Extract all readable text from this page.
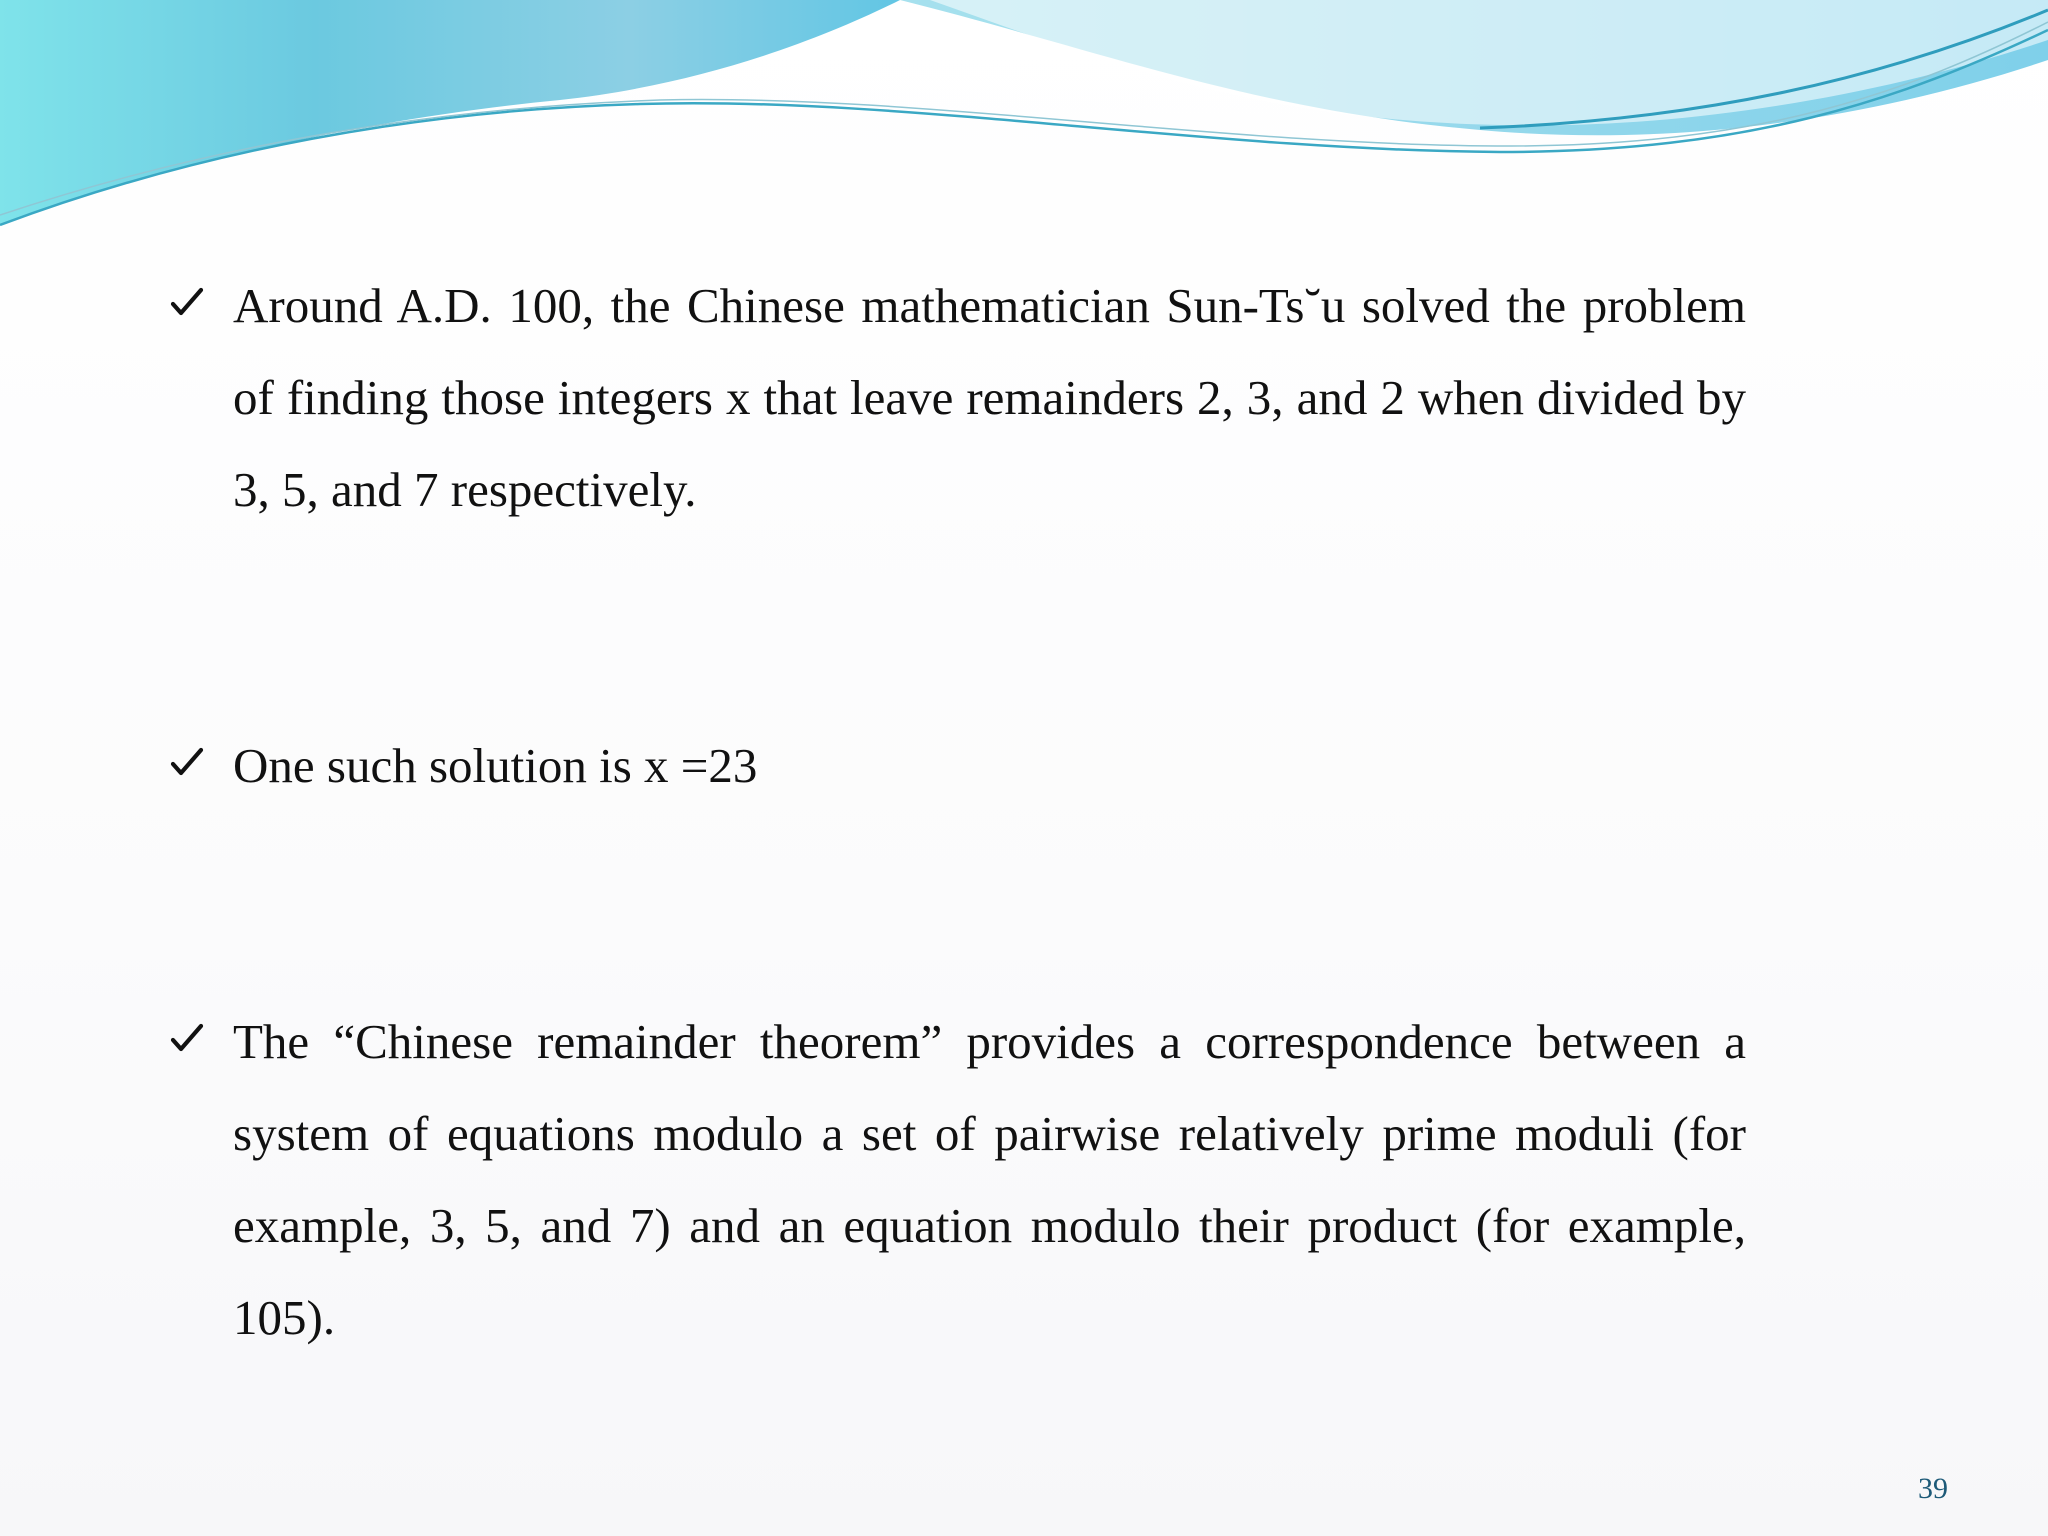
Around A.D. 100, the Chinese mathematician Sun-Ts˘u solved the problem of finding those integers x that leave remainders 2, 3, and 2 when divided by 3, 5, and 7 respectively.
One such solution is x =23
The “Chinese remainder theorem” provides a correspondence between a system of equations modulo a set of pairwise relatively prime moduli (for example, 3, 5, and 7) and an equation modulo their product (for example, 105).
39
